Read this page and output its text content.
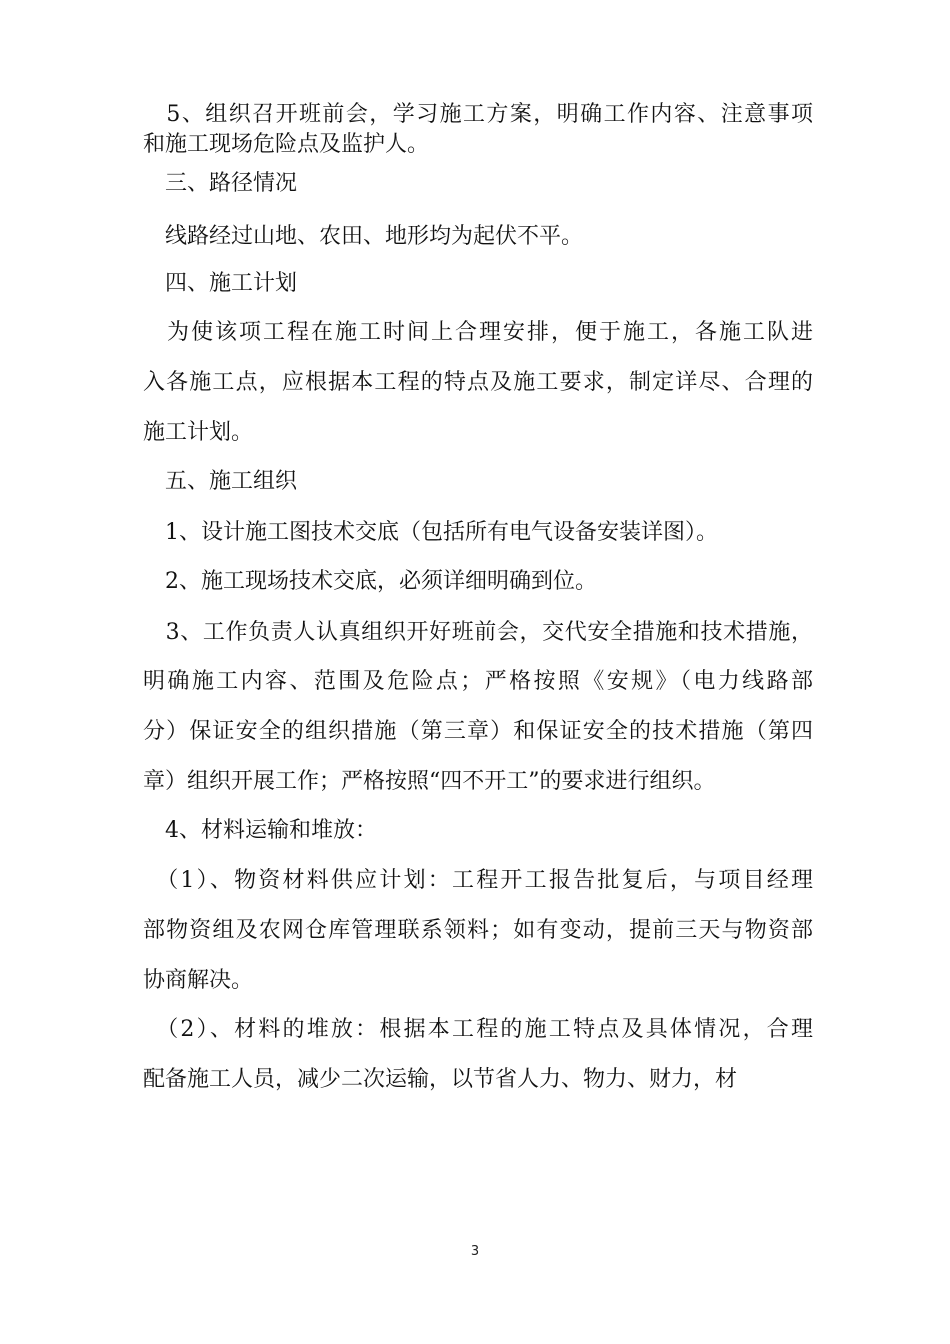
　5、组织召开班前会，学习施工方案，明确工作内容、注意事项
和施工现场危险点及监护人。
　三、路径情况
　线路经过山地、农田、地形均为起伏不平。
　四、施工计划
　为使该项工程在施工时间上合理安排，便于施工，各施工队进
入各施工点，应根据本工程的特点及施工要求，制定详尽、合理的
施工计划。
　五、施工组织
　1、设计施工图技术交底（包括所有电气设备安装详图）。
　2、施工现场技术交底，必须详细明确到位。
　3、工作负责人认真组织开好班前会，交代安全措施和技术措施，
明确施工内容、范围及危险点；严格按照《安规》（电力线路部
分）保证安全的组织措施（第三章）和保证安全的技术措施（第四
章）组织开展工作；严格按照“四不开工”的要求进行组织。
　4、材料运输和堆放：
　（1）、物资材料供应计划：工程开工报告批复后，与项目经理
部物资组及农网仓库管理联系领料；如有变动，提前三天与物资部
协商解决。
　（2）、材料的堆放：根据本工程的施工特点及具体情况，合理
配备施工人员，减少二次运输，以节省人力、物力、财力，材
3
